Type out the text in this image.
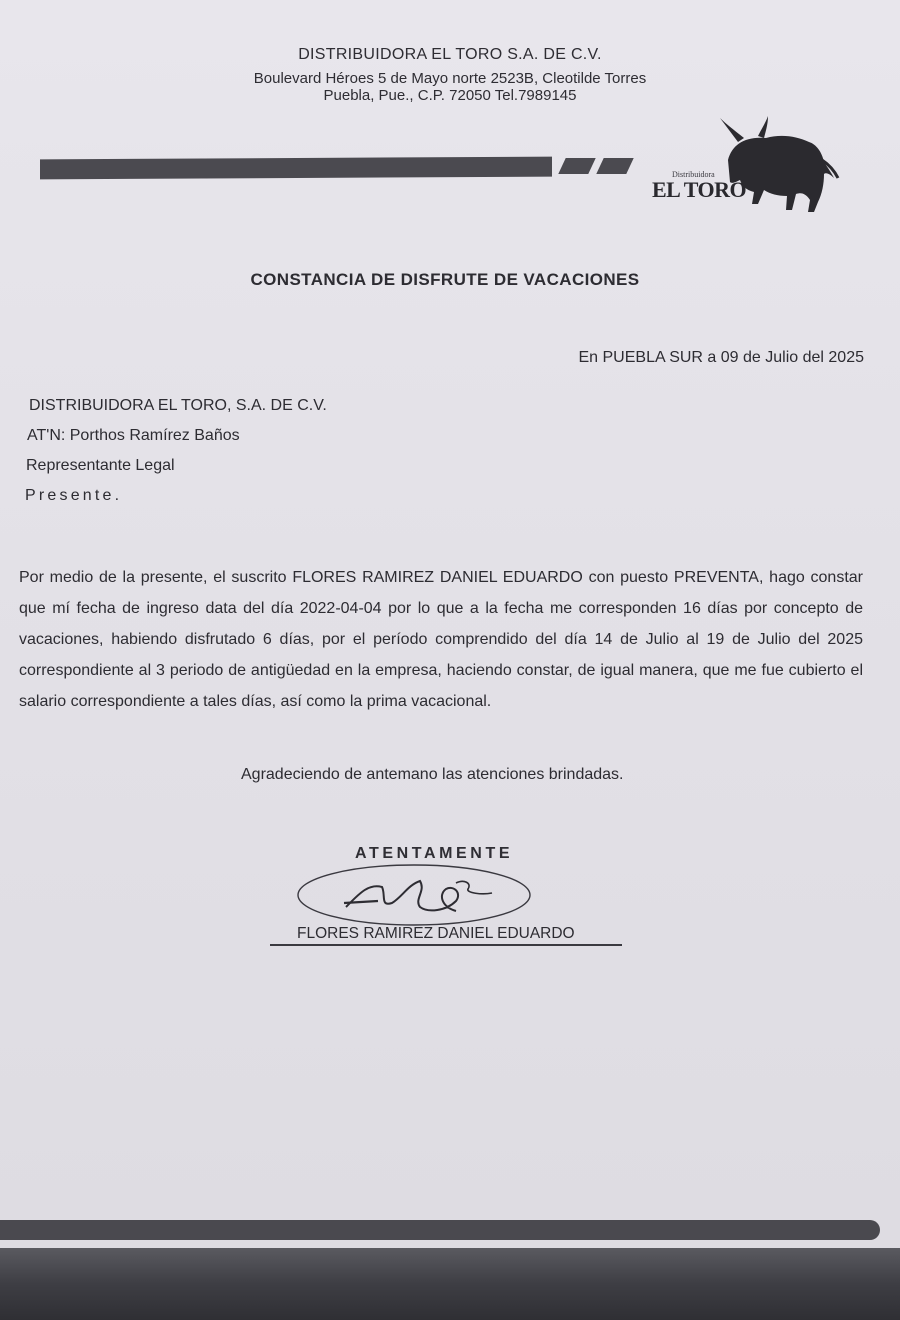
DISTRIBUIDORA EL TORO S.A. DE C.V.
Boulevard Héroes 5 de Mayo norte 2523B, Cleotilde Torres
Puebla, Pue., C.P. 72050 Tel.7989145
Distribuidora
EL TORO
CONSTANCIA DE DISFRUTE DE VACACIONES
En PUEBLA SUR a 09 de Julio del 2025
DISTRIBUIDORA EL TORO, S.A. DE C.V.
AT'N: Porthos Ramírez Baños
Representante Legal
Presente.
Por medio de la presente, el suscrito FLORES RAMIREZ DANIEL EDUARDO con puesto PREVENTA, hago constar que mí fecha de ingreso data del día 2022-04-04 por lo que a la fecha me corresponden 16 días por concepto de vacaciones, habiendo disfrutado 6 días, por el período comprendido del día 14 de Julio al 19 de Julio del 2025 correspondiente al 3 periodo de antigüedad en la empresa, haciendo constar, de igual manera, que me fue cubierto el salario correspondiente a tales días, así como la prima vacacional.
Agradeciendo de antemano las atenciones brindadas.
ATENTAMENTE
FLORES RAMIREZ DANIEL EDUARDO
